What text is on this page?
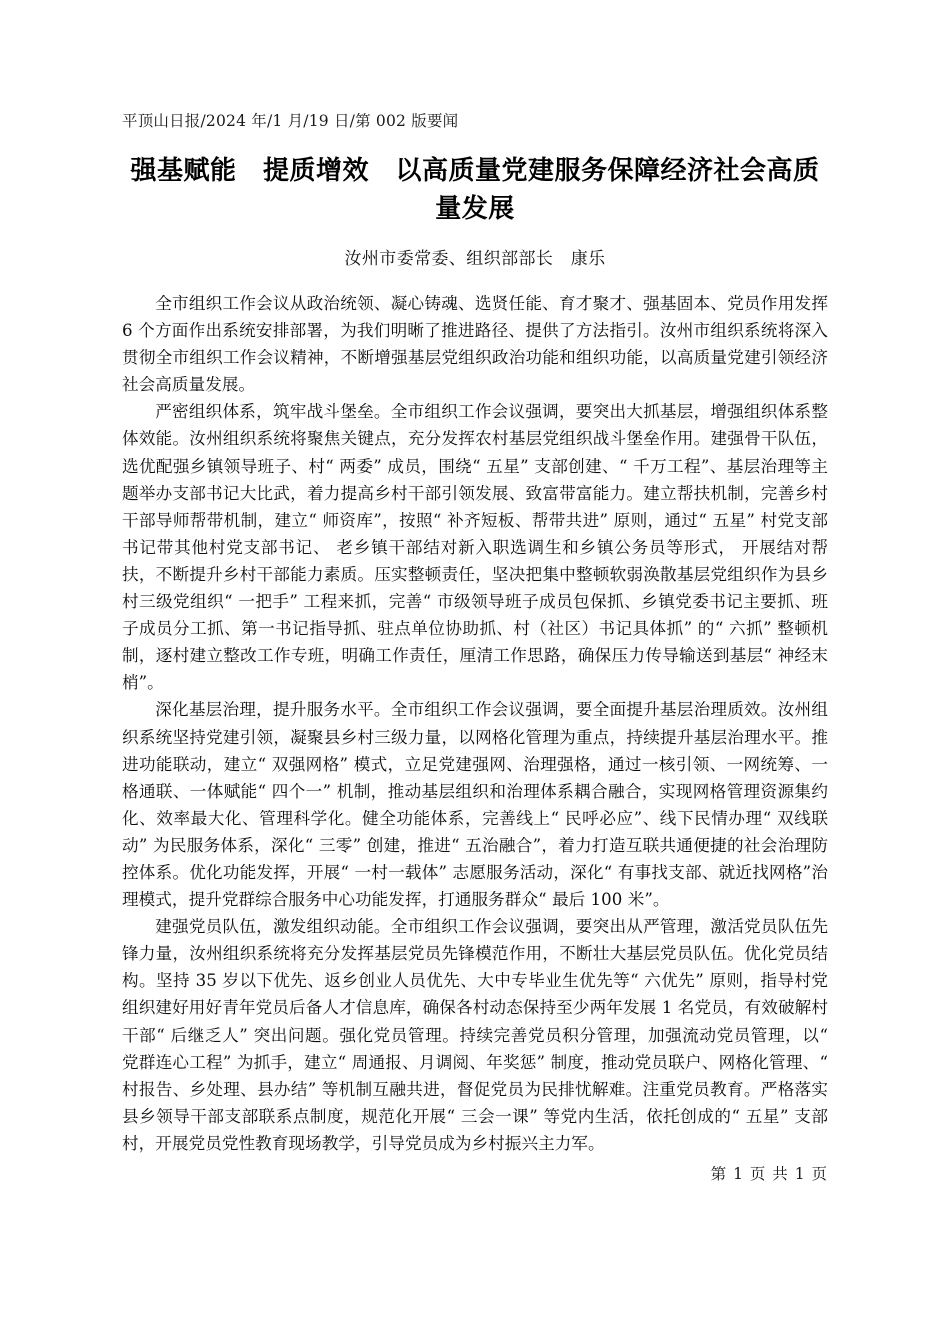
平顶山日报/2024 年/1 月/19 日/第 002 版要闻
强基赋能　提质增效　以高质量党建服务保障经济社会高质量发展
汝州市委常委、组织部部长　康乐

全市组织工作会议从政治统领、凝心铸魂、选贤任能、育才聚才、强基固本、党员作用发挥 6 个方面作出系统安排部署，为我们明晰了推进路径、提供了方法指引。汝州市组织系统将深入贯彻全市组织工作会议精神，不断增强基层党组织政治功能和组织功能，以高质量党建引领经济社会高质量发展。

严密组织体系，筑牢战斗堡垒。全市组织工作会议强调，要突出大抓基层，增强组织体系整体效能。汝州组织系统将聚焦关键点，充分发挥农村基层党组织战斗堡垒作用。建强骨干队伍，选优配强乡镇领导班子、村“ 两委” 成员，围绕“ 五星” 支部创建、“ 千万工程”、基层治理等主题举办支部书记大比武，着力提高乡村干部引领发展、致富带富能力。建立帮扶机制，完善乡村干部导师帮带机制，建立“ 师资库”，按照“ 补齐短板、帮带共进” 原则，通过“ 五星” 村党支部书记带其他村党支部书记、 老乡镇干部结对新入职选调生和乡镇公务员等形式， 开展结对帮扶，不断提升乡村干部能力素质。压实整顿责任，坚决把集中整顿软弱涣散基层党组织作为县乡村三级党组织“ 一把手” 工程来抓，完善“ 市级领导班子成员包保抓、乡镇党委书记主要抓、班子成员分工抓、第一书记指导抓、驻点单位协助抓、村（社区）书记具体抓” 的“ 六抓” 整顿机制，逐村建立整改工作专班，明确工作责任，厘清工作思路，确保压力传导输送到基层“ 神经末梢”。

深化基层治理，提升服务水平。全市组织工作会议强调，要全面提升基层治理质效。汝州组织系统坚持党建引领，凝聚县乡村三级力量，以网格化管理为重点，持续提升基层治理水平。推进功能联动，建立“ 双强网格” 模式，立足党建强网、治理强格，通过一核引领、一网统筹、一格通联、一体赋能“ 四个一” 机制，推动基层组织和治理体系耦合融合，实现网格管理资源集约化、效率最大化、管理科学化。健全功能体系，完善线上“ 民呼必应”、线下民情办理“ 双线联动” 为民服务体系，深化“ 三零” 创建，推进“ 五治融合”，着力打造互联共通便捷的社会治理防控体系。优化功能发挥，开展“ 一村一载体” 志愿服务活动，深化“ 有事找支部、就近找网格”治理模式，提升党群综合服务中心功能发挥，打通服务群众“ 最后 100 米”。

建强党员队伍，激发组织动能。全市组织工作会议强调，要突出从严管理，激活党员队伍先锋力量，汝州组织系统将充分发挥基层党员先锋模范作用，不断壮大基层党员队伍。优化党员结构。坚持 35 岁以下优先、返乡创业人员优先、大中专毕业生优先等“ 六优先” 原则，指导村党组织建好用好青年党员后备人才信息库，确保各村动态保持至少两年发展 1 名党员，有效破解村干部“ 后继乏人” 突出问题。强化党员管理。持续完善党员积分管理，加强流动党员管理，以“ 党群连心工程” 为抓手，建立“ 周通报、月调阅、年奖惩” 制度，推动党员联户、网格化管理、“ 村报告、乡处理、县办结” 等机制互融共进，督促党员为民排忧解难。注重党员教育。严格落实县乡领导干部支部联系点制度，规范化开展“ 三会一课” 等党内生活，依托创成的“ 五星” 支部村，开展党员党性教育现场教学，引导党员成为乡村振兴主力军。

第 1 页 共 1 页
